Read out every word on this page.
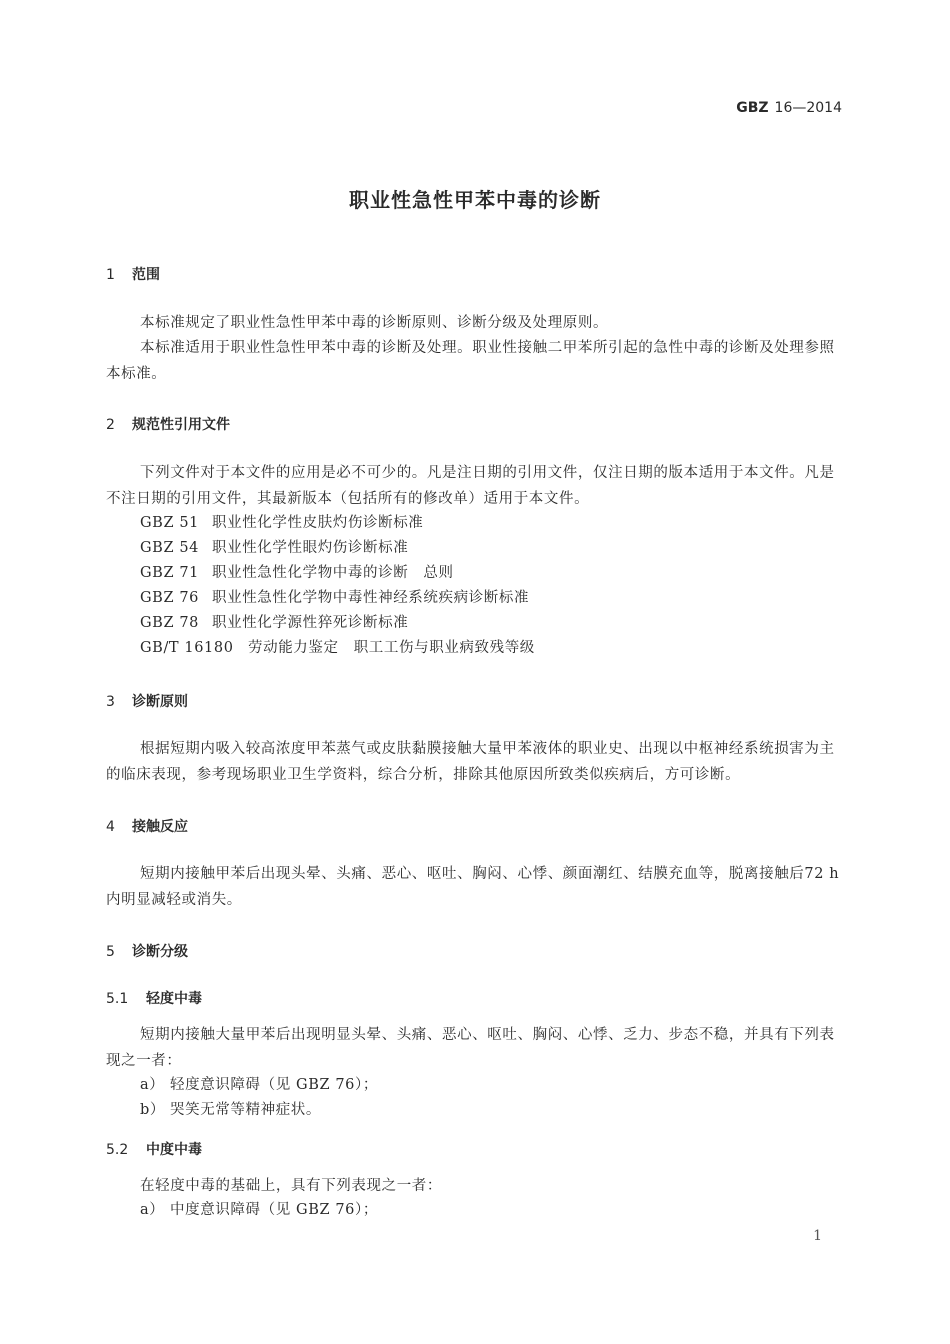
GBZ 16—2014
职业性急性甲苯中毒的诊断
1 范围
本标准规定了职业性急性甲苯中毒的诊断原则、诊断分级及处理原则。
本标准适用于职业性急性甲苯中毒的诊断及处理。职业性接触二甲苯所引起的急性中毒的诊断及处理参照本标准。
2 规范性引用文件
下列文件对于本文件的应用是必不可少的。凡是注日期的引用文件，仅注日期的版本适用于本文件。凡是不注日期的引用文件，其最新版本（包括所有的修改单）适用于本文件。
GBZ 51 职业性化学性皮肤灼伤诊断标准
GBZ 54 职业性化学性眼灼伤诊断标准
GBZ 71 职业性急性化学物中毒的诊断　总则
GBZ 76 职业性急性化学物中毒性神经系统疾病诊断标准
GBZ 78 职业性化学源性猝死诊断标准
GB/T 16180 劳动能力鉴定　职工工伤与职业病致残等级
3 诊断原则
根据短期内吸入较高浓度甲苯蒸气或皮肤黏膜接触大量甲苯液体的职业史、出现以中枢神经系统损害为主的临床表现，参考现场职业卫生学资料，综合分析，排除其他原因所致类似疾病后，方可诊断。
4 接触反应
短期内接触甲苯后出现头晕、头痛、恶心、呕吐、胸闷、心悸、颜面潮红、结膜充血等，脱离接触后72 h 内明显减轻或消失。
5 诊断分级
5.1 轻度中毒
短期内接触大量甲苯后出现明显头晕、头痛、恶心、呕吐、胸闷、心悸、乏力、步态不稳，并具有下列表现之一者：
a） 轻度意识障碍（见 GBZ 76）；
b） 哭笑无常等精神症状。
5.2 中度中毒
在轻度中毒的基础上，具有下列表现之一者：
a） 中度意识障碍（见 GBZ 76）；
1
